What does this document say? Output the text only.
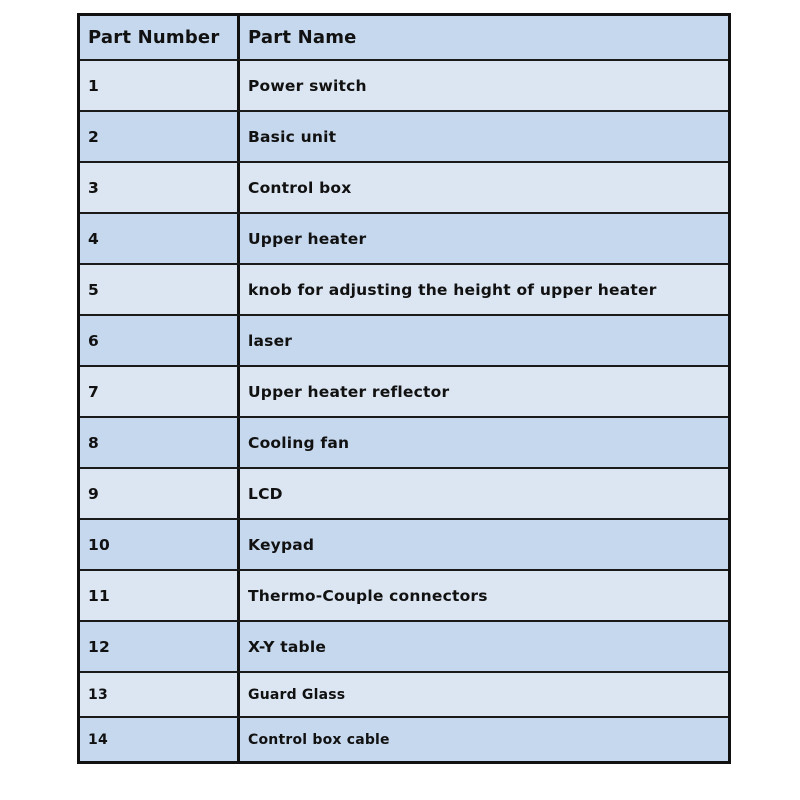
Part Number	Part Name
1	Power switch
2	Basic unit
3	Control box
4	Upper heater
5	knob for adjusting the height of upper heater
6	laser
7	Upper heater reflector
8	Cooling fan
9	LCD
10	Keypad
11	Thermo-Couple connectors
12	X-Y table
13	Guard Glass
14	Control box cable
